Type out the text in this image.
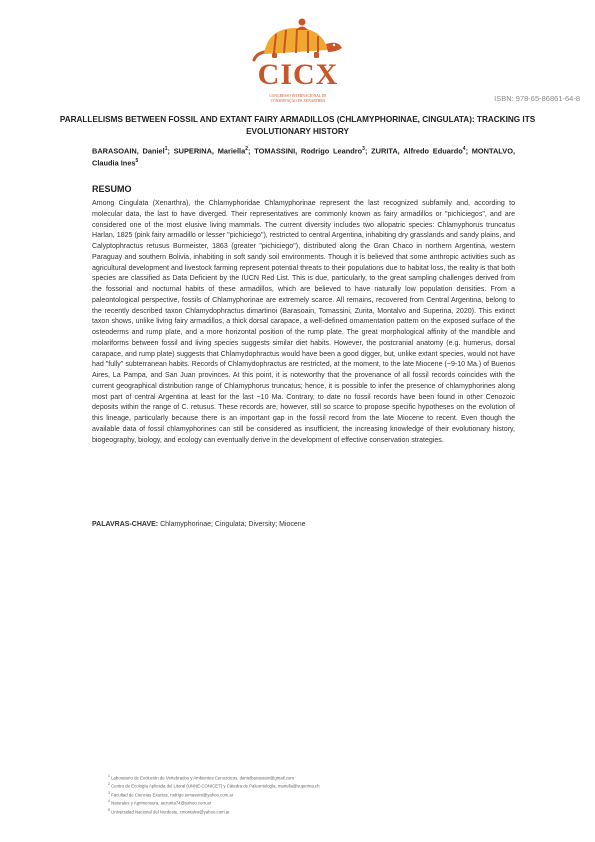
CICX
CONGRESSO INTERNACIONAL DE
CONSERVAÇÃO DE XENARTHRA	ISBN: 978-65-86861-64-8
PARALLELISMS BETWEEN FOSSIL AND EXTANT FAIRY ARMADILLOS (CHLAMYPHORINAE, CINGULATA): TRACKING ITS
EVOLUTIONARY HISTORY
BARASOAIN, Daniel$^1$; SUPERINA, Mariella$^2$; TOMASSINI, Rodrigo Leandro$^3$; ZURITA, Alfredo Eduardo$^4$; MONTALVO, Claudia Ines$^5$
RESUMO

Among Cingulata (Xenarthra), the Chlamyphoridae Chlamyphorinae represent the last recognized subfamily and, according to molecular data, the last to have diverged. Their representatives are commonly known as fairy armadillos or "pichiciegos", and are considered one of the most elusive living mammals. The current diversity includes two allopatric species: Chlamyphorus truncatus Harlan, 1825 (pink fairy armadillo or lesser "pichiciego"), restricted to central Argentina, inhabiting dry grasslands and sandy plains, and Calyptophractus retusus Burmeister, 1863 (greater "pichiciego"), distributed along the Gran Chaco in northern Argentina, western Paraguay and southern Bolivia, inhabiting in soft sandy soil environments. Though it is believed that some anthropic activities such as agricultural development and livestock farming represent potential threats to their populations due to habitat loss, the reality is that both species are classified as Data Deficient by the IUCN Red List. This is due, particularly, to the great sampling challenges derived from the fossorial and nocturnal habits of these armadillos, which are believed to have naturally low population densities. From a paleontological perspective, fossils of Chlamyphorinae are extremely scarce. All remains, recovered from Central Argentina, belong to the recently described taxon Chlamydophractus dimartinoi (Barasoain, Tomassini, Zurita, Montalvo and Superina, 2020). This extinct taxon shows, unlike living fairy armadillos, a thick dorsal carapace, a well-defined ornamentation pattern on the exposed surface of the osteoderms and rump plate, and a more horizontal position of the rump plate. The great morphological affinity of the mandible and molariforms between fossil and living species suggests similar diet habits. However, the postcranial anatomy (e.g. humerus, dorsal carapace, and rump plate) suggests that Chlamydophractus would have been a good digger, but, unlike extant species, would not have had "fully" subterranean habits. Records of Chlamydophractus are restricted, at the moment, to the late Miocene (~9-10 Ma.) of Buenos Aires, La Pampa, and San Juan provinces. At this point, it is noteworthy that the provenance of all fossil records coincides with the current geographical distribution range of Chlamyphorus truncatus; hence, it is possible to infer the presence of chlamyphorines along most part of central Argentina at least for the last ~10 Ma. Contrary, to date no fossil records have been found in other Cenozoic deposits within the range of C. retusus. These records are, however, still so scarce to propose specific hypotheses on the evolution of this lineage, particularly because there is an important gap in the fossil record from the late Miocene to recent. Even though the available data of fossil chlamyphorines can still be considered as insufficient, the increasing knowledge of their evolutionary history, biogeography, biology, and ecology can eventually derive in the development of effective conservation strategies.

PALAVRAS-CHAVE: Chlamyphorinae; Cingulata; Diversity; Miocene
$^1$ Laboratorio de Evolución de Vertebrados y Ambientes Cenozoicos, danielbarasoain@gmail.com
$^2$ Centro de Ecología Aplicada del Litoral (UNNE-CONICET) y Cátedra de Paleontología, mariella@superina.ch
$^3$ Facultad de Ciencias Exactas, rodrigo.tomassini@yahoo.com.ar
$^4$ Naturales y Agrimensura, aezurita74@yahoo.com.ar
$^5$ Universidad Nacional del Nordeste, cmontalvo@yahoo.com.ar
